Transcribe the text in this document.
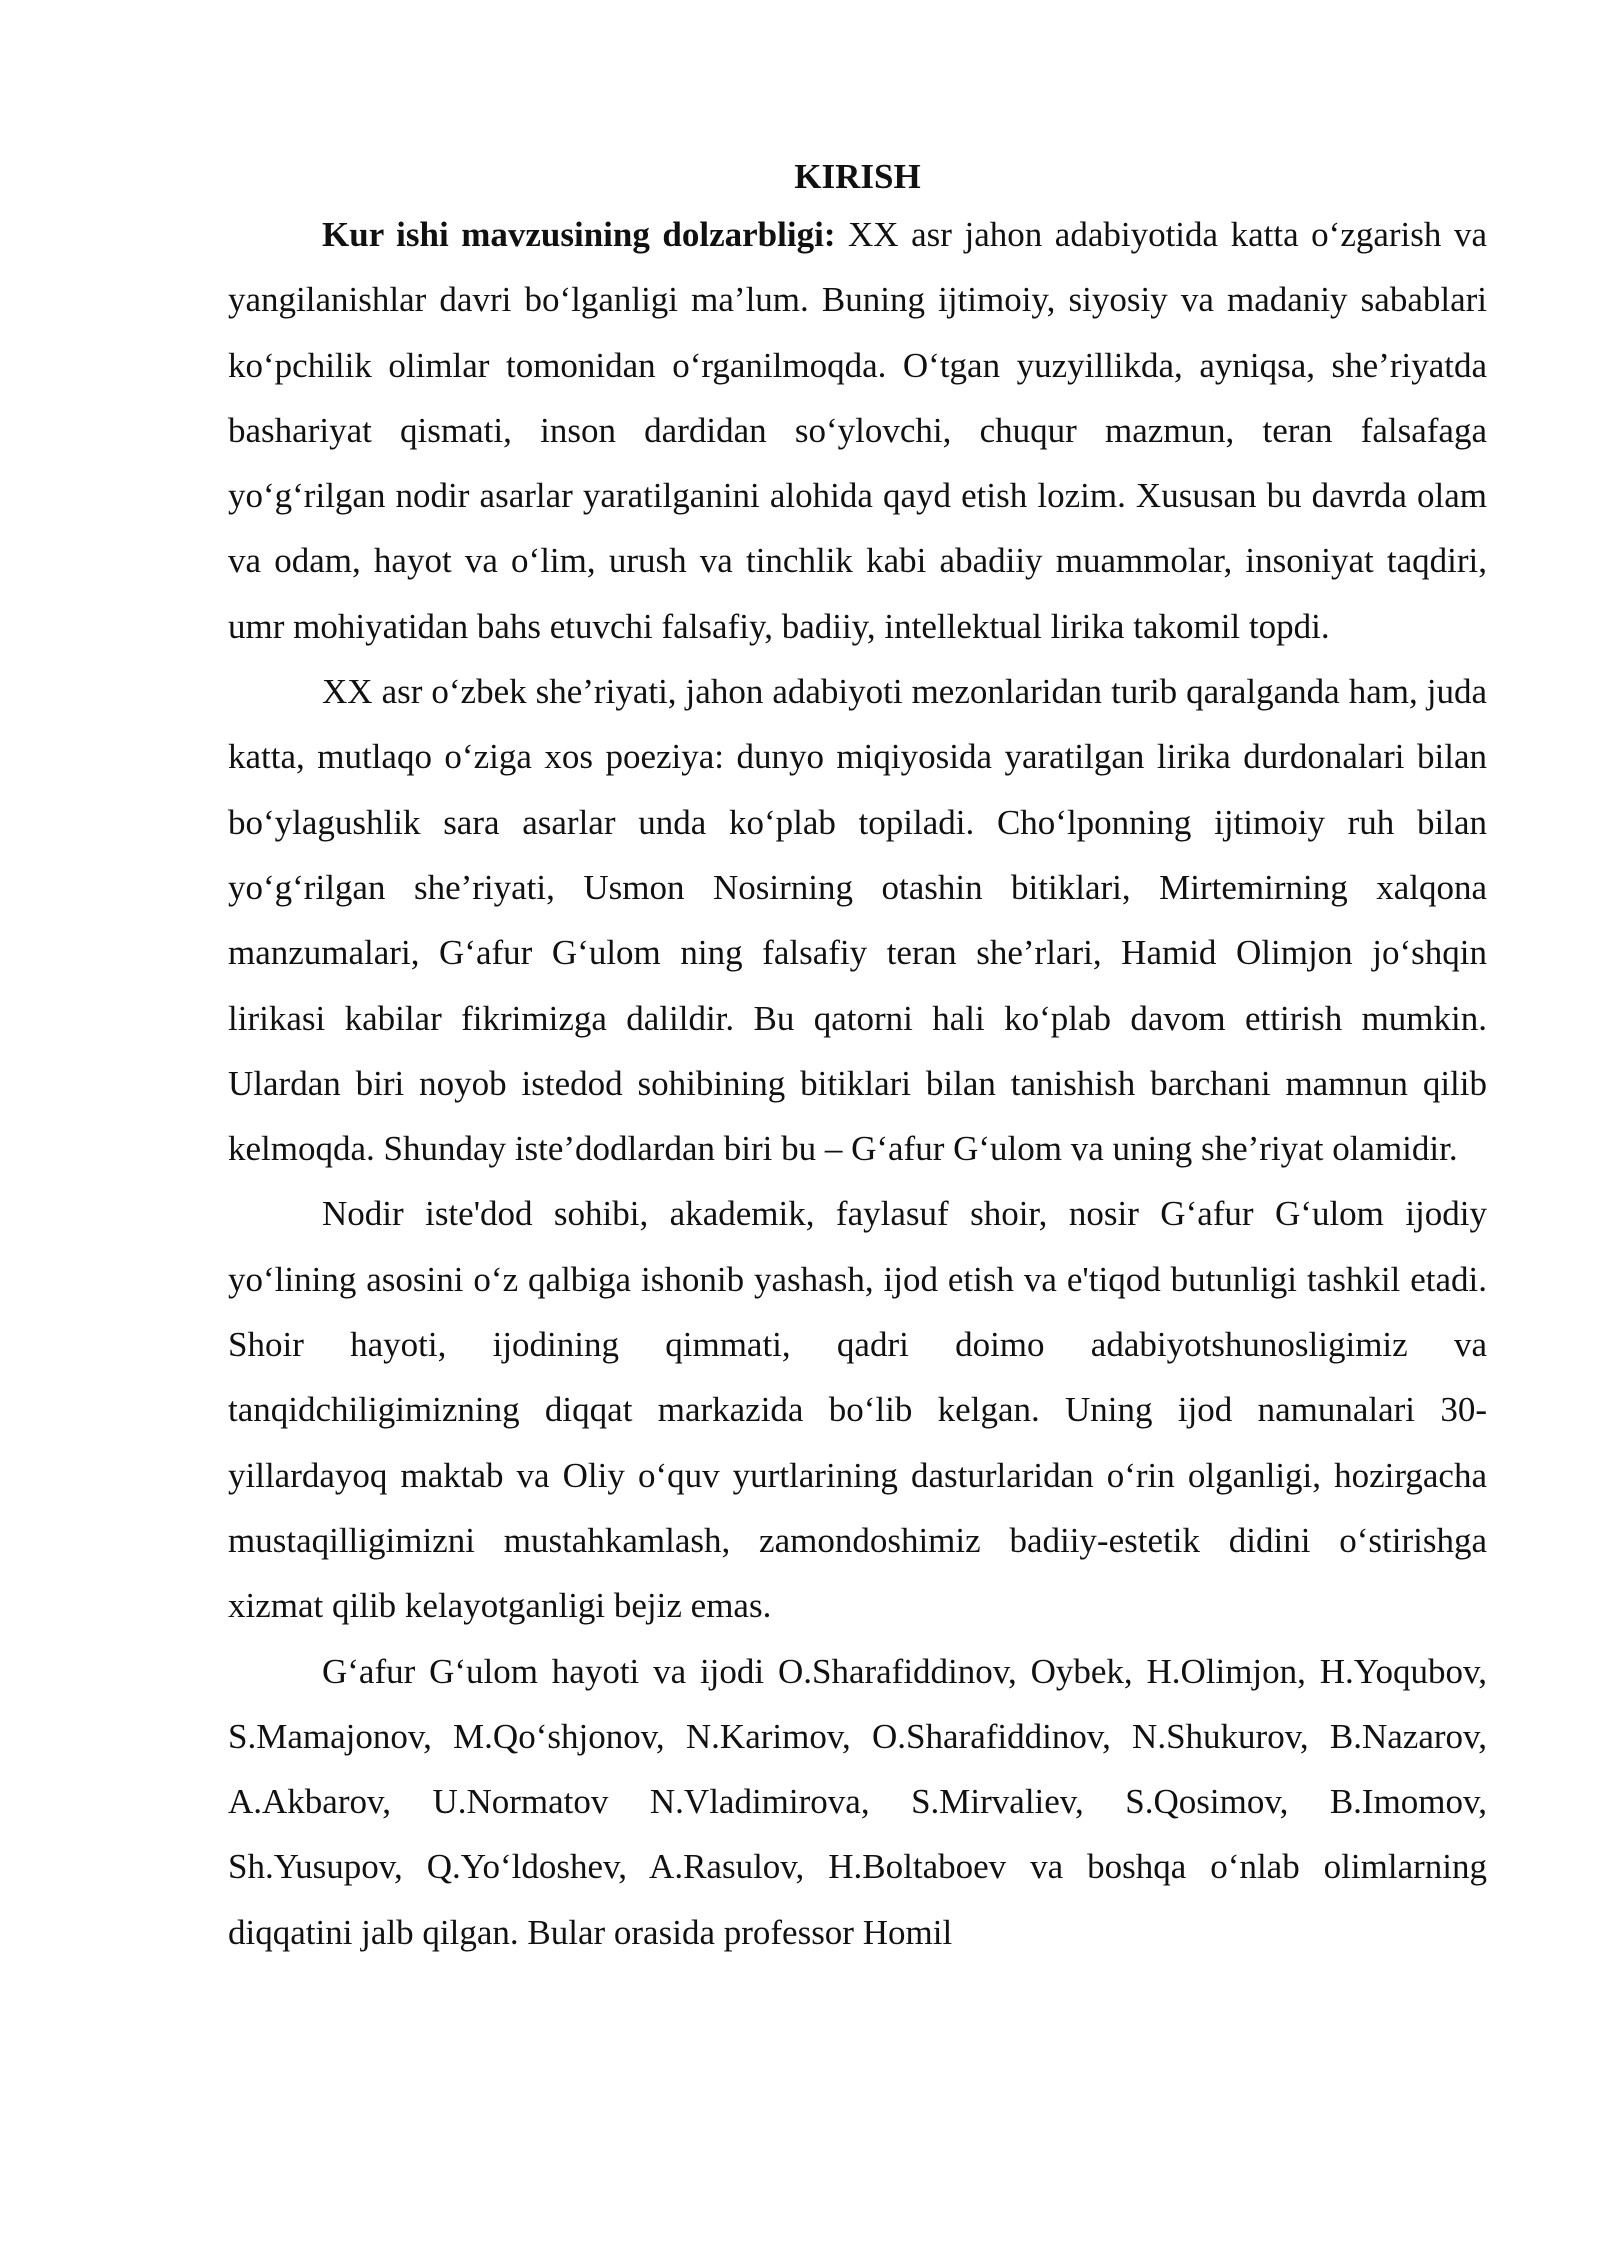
KIRISH

Kur ishi mavzusining dolzarbligi: XX asr jahon adabiyotida katta o‘zgarish va yangilanishlar davri bo‘lganligi ma’lum. Buning ijtimoiy, siyosiy va madaniy sabablari ko‘pchilik olimlar tomonidan o‘rganilmoqda. O‘tgan yuzyillikda, ayniqsa, she’riyatda bashariyat qismati, inson dardidan so‘ylovchi, chuqur mazmun, teran falsafaga yo‘g‘rilgan nodir asarlar yaratilganini alohida qayd etish lozim. Xususan bu davrda olam va odam, hayot va o‘lim, urush va tinchlik kabi abadiiy muammolar, insoniyat taqdiri, umr mohiyatidan bahs etuvchi falsafiy, badiiy, intellektual lirika takomil topdi.

XX asr o‘zbek she’riyati, jahon adabiyoti mezonlaridan turib qaralganda ham, juda katta, mutlaqo o‘ziga xos poeziya: dunyo miqiyosida yaratilgan lirika durdonalari bilan bo‘ylagushlik sara asarlar unda ko‘plab topiladi. Cho‘lponning ijtimoiy ruh bilan yo‘g‘rilgan she’riyati, Usmon Nosirning otashin bitiklari, Mirtemirning xalqona manzumalari, G‘afur G‘ulom ning falsafiy teran she’rlari, Hamid Olimjon jo‘shqin lirikasi kabilar fikrimizga dalildir. Bu qatorni hali ko‘plab davom ettirish mumkin. Ulardan biri noyob istedod sohibining bitiklari bilan tanishish barchani mamnun qilib kelmoqda. Shunday iste’dodlardan biri bu – G‘afur G‘ulom va uning she’riyat olamidir.

Nodir iste'dod sohibi, akademik, faylasuf shoir, nosir G‘afur G‘ulom ijodiy yo‘lining asosini o‘z qalbiga ishonib yashash, ijod etish va e'tiqod butunligi tashkil etadi. Shoir hayoti, ijodining qimmati, qadri doimo adabiyotshunosligimiz va tanqidchiligimizning diqqat markazida bo‘lib kelgan. Uning ijod namunalari 30-yillardayoq maktab va Oliy o‘quv yurtlarining dasturlaridan o‘rin olganligi, hozirgacha mustaqilligimizni mustahkamlash, zamondoshimiz badiiy-estetik didini o‘stirishga xizmat qilib kelayotganligi bejiz emas.

G‘afur G‘ulom hayoti va ijodi O.Sharafiddinov, Oybek, H.Olimjon, H.Yoqubov, S.Mamajonov, M.Qo‘shjonov, N.Karimov, O.Sharafiddinov, N.Shukurov, B.Nazarov, A.Akbarov, U.Normatov N.Vladimirova, S.Mirvaliev, S.Qosimov, B.Imomov, Sh.Yusupov, Q.Yo‘ldoshev, A.Rasulov, H.Boltaboev va boshqa o‘nlab olimlarning diqqatini jalb qilgan. Bular orasida professor Homil
